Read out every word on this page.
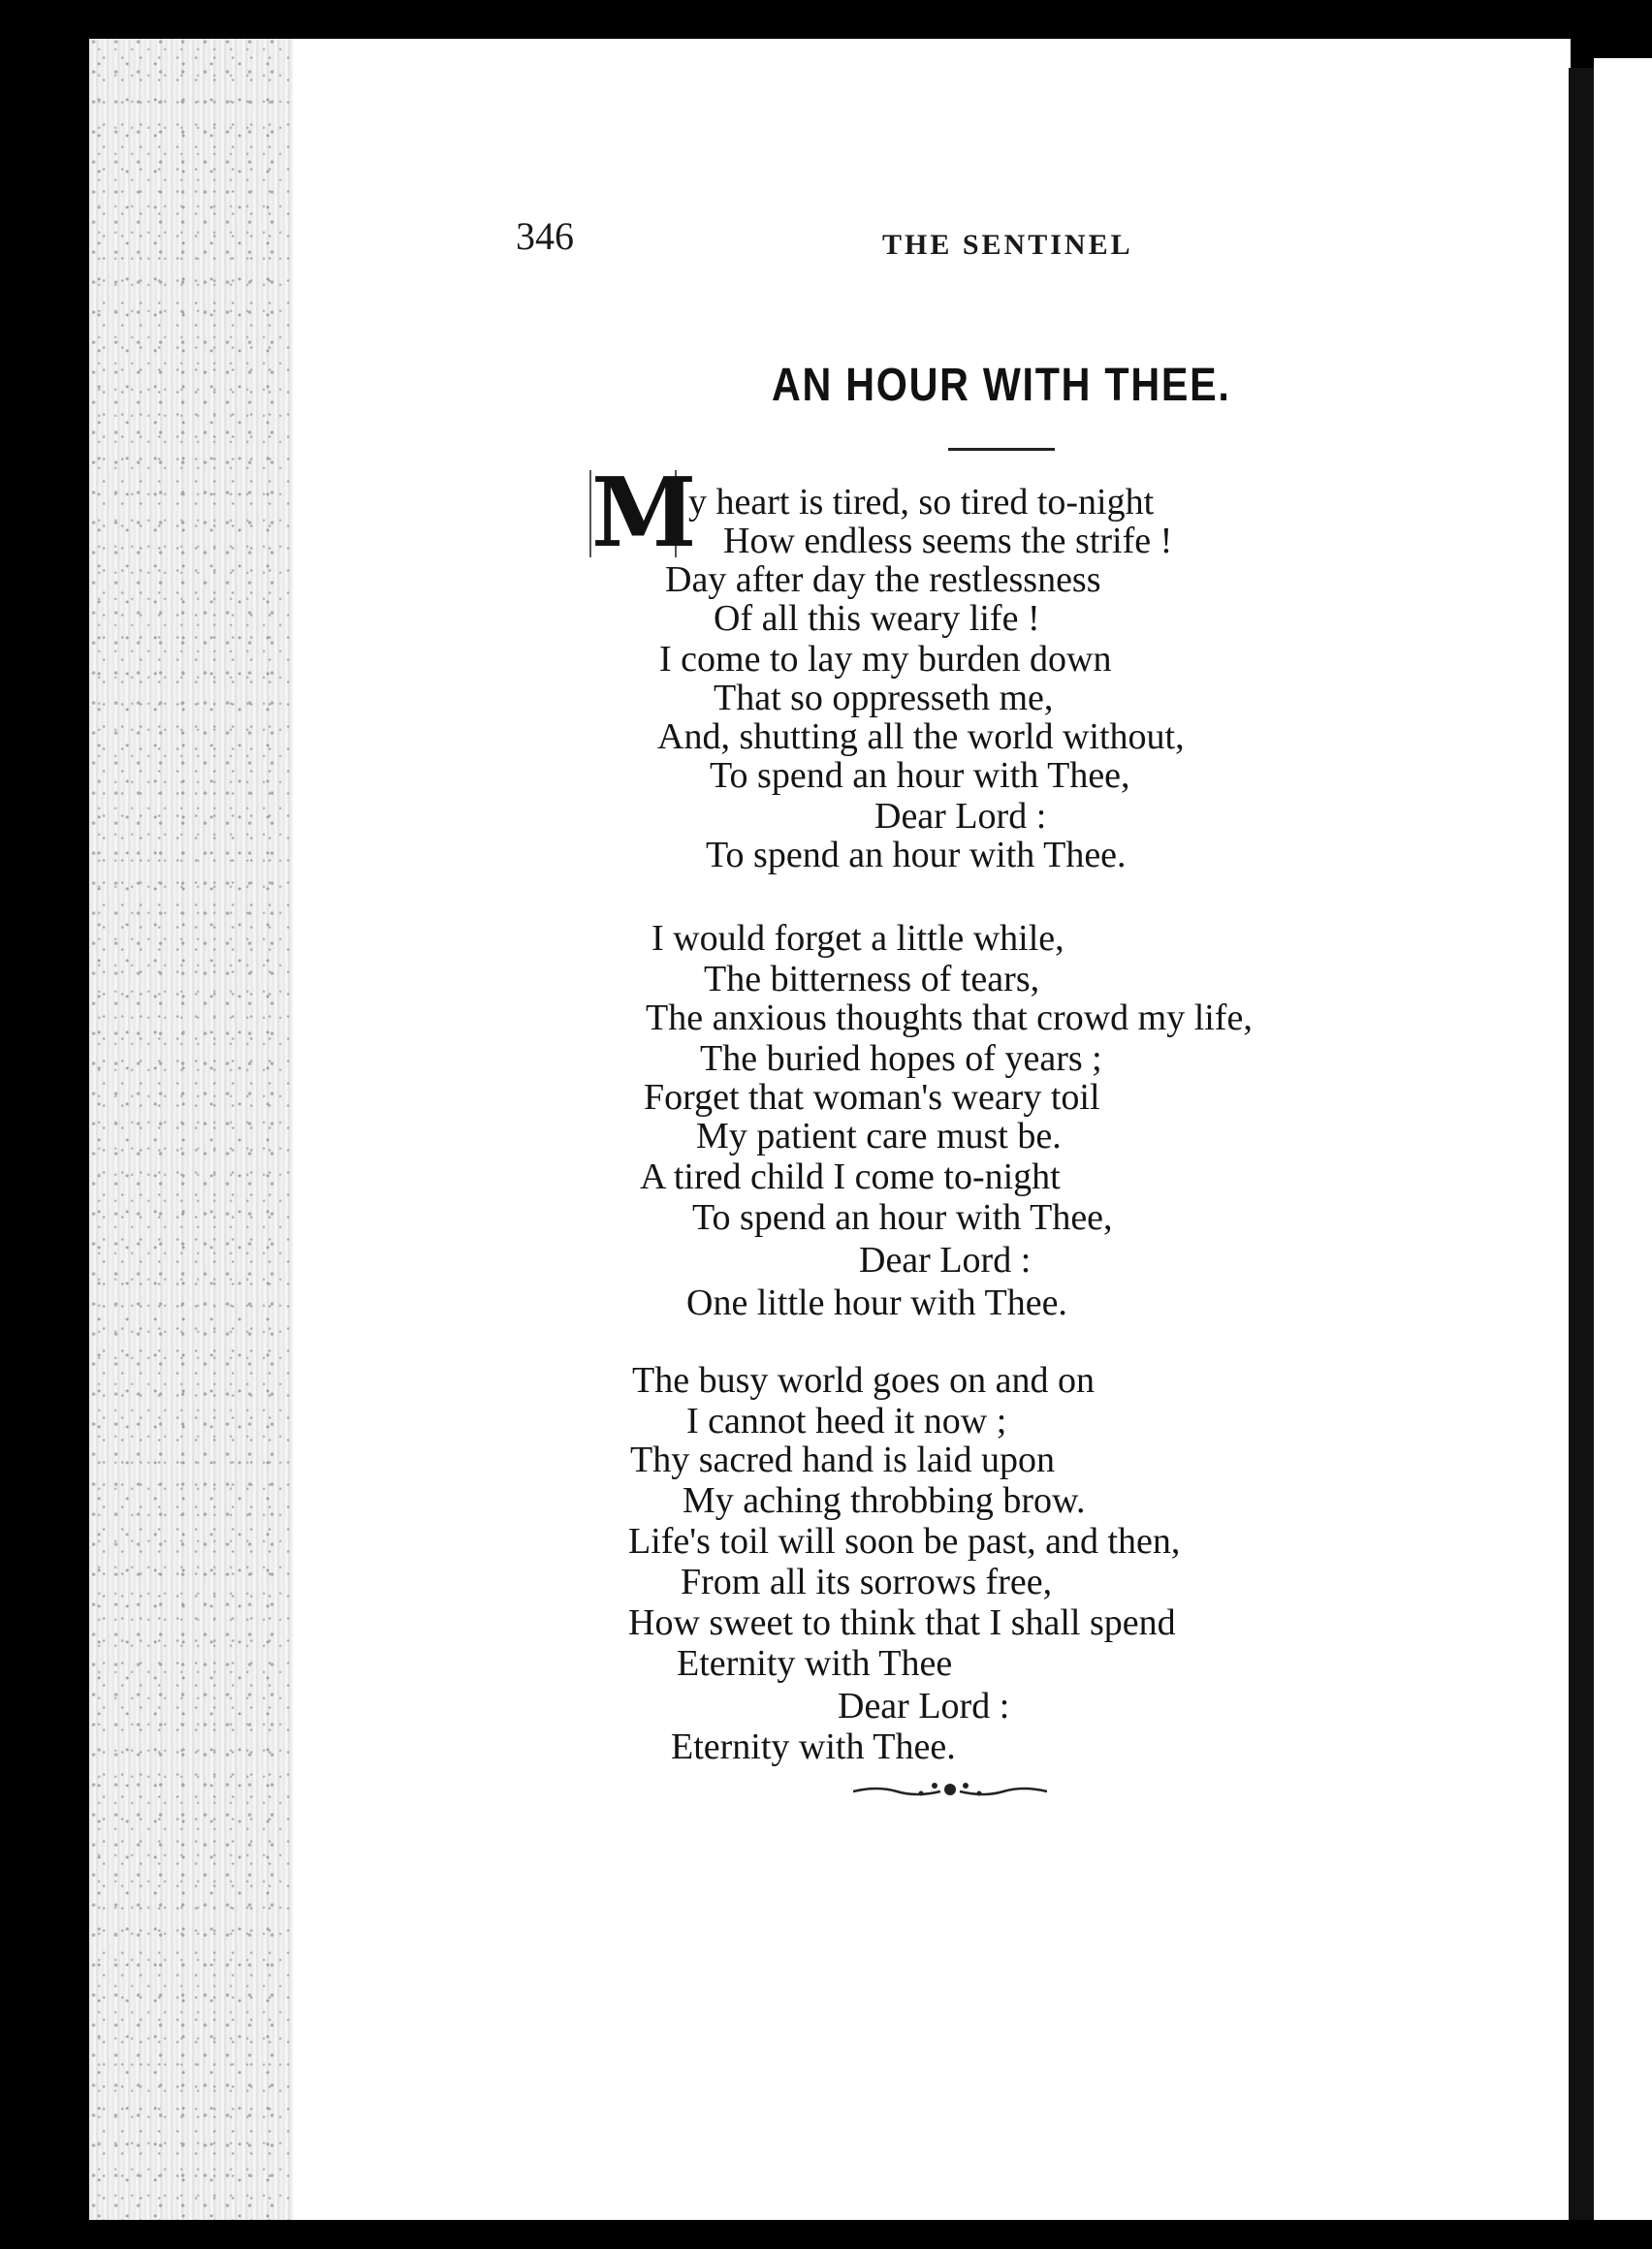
346	THE SENTINEL
AN HOUR WITH THEE.
M
y heart is tired, so tired to-night
How endless seems the strife !
Day after day the restlessness
Of all this weary life !
I come to lay my burden down
That so oppresseth me,
And, shutting all the world without,
To spend an hour with Thee,
Dear Lord :
To spend an hour with Thee.
I would forget a little while,
The bitterness of tears,
The anxious thoughts that crowd my life,
The buried hopes of years ;
Forget that woman's weary toil
My patient care must be.
A tired child I come to-night
To spend an hour with Thee,
Dear Lord :
One little hour with Thee.
The busy world goes on and on
I cannot heed it now ;
Thy sacred hand is laid upon
My aching throbbing brow.
Life's toil will soon be past, and then,
From all its sorrows free,
How sweet to think that I shall spend
Eternity with Thee
Dear Lord :
Eternity with Thee.
